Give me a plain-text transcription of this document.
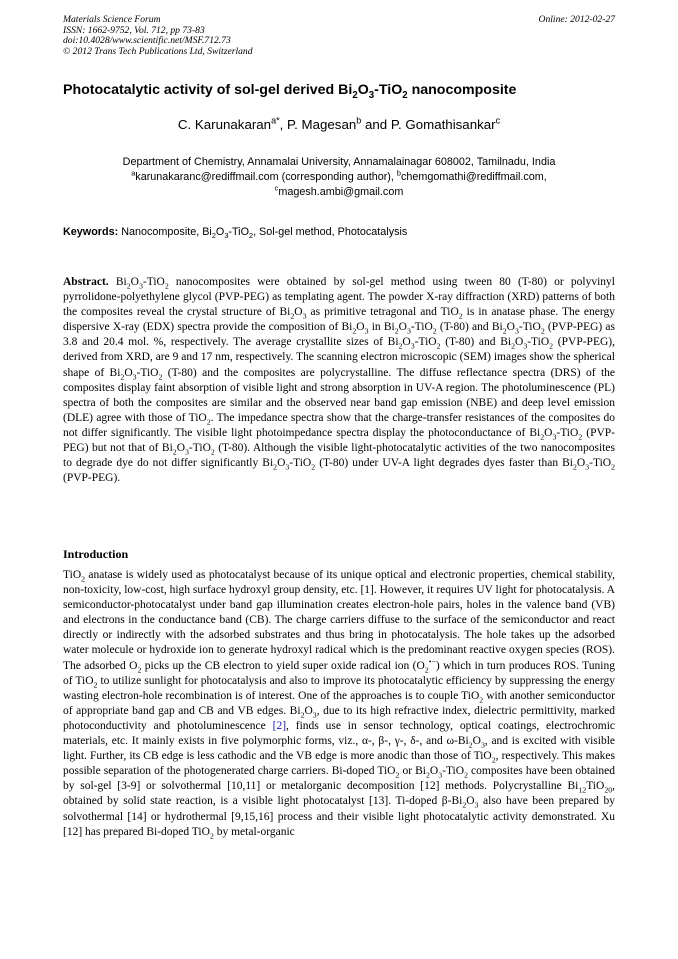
Materials Science Forum
ISSN: 1662-9752, Vol. 712, pp 73-83
doi:10.4028/www.scientific.net/MSF.712.73
© 2012 Trans Tech Publications Ltd, Switzerland
Online: 2012-02-27
Photocatalytic activity of sol-gel derived $Bi_2O_3-TiO_2$ nanocomposite
C. Karunakaran$^{a*}$, P. Magesan$^b$ and P. Gomathisankar$^c$
Department of Chemistry, Annamalai University, Annamalainagar 608002, Tamilnadu, India
$^a$karunakaranc@rediffmail.com (corresponding author), $^b$chemgomathi@rediffmail.com,
$^c$magesh.ambi@gmail.com
Keywords: Nanocomposite, $Bi_2O_3-TiO_2$, Sol-gel method, Photocatalysis
Abstract. $Bi_2O_3-TiO_2$ nanocomposites were obtained by sol-gel method using tween 80 (T-80) or polyvinyl pyrrolidone-polyethylene glycol (PVP-PEG) as templating agent. The powder X-ray diffraction (XRD) patterns of both the composites reveal the crystal structure of $Bi_2O_3$ as primitive tetragonal and TiO$_2$ is in anatase phase. The energy dispersive X-ray (EDX) spectra provide the composition of $Bi_2O_3$ in $Bi_2O_3-TiO_2$ (T-80) and $Bi_2O_3-TiO_2$ (PVP-PEG) as 3.8 and 20.4 mol. %, respectively. The average crystallite sizes of $Bi_2O_3-TiO_2$ (T-80) and $Bi_2O_3-TiO_2$ (PVP-PEG), derived from XRD, are 9 and 17 nm, respectively. The scanning electron microscopic (SEM) images show the spherical shape of $Bi_2O_3-TiO_2$ (T-80) and the composites are polycrystalline. The diffuse reflectance spectra (DRS) of the composites display faint absorption of visible light and strong absorption in UV-A region. The photoluminescence (PL) spectra of both the composites are similar and the observed near band gap emission (NBE) and deep level emission (DLE) agree with those of TiO$_2$. The impedance spectra show that the charge-transfer resistances of the composites do not differ significantly. The visible light photoimpedance spectra display the photoconductance of $Bi_2O_3-TiO_2$ (PVP-PEG) but not that of $Bi_2O_3-TiO_2$ (T-80). Although the visible light-photocatalytic activities of the two nanocomposites to degrade dye do not differ significantly $Bi_2O_3-TiO_2$ (T-80) under UV-A light degrades dyes faster than $Bi_2O_3-TiO_2$ (PVP-PEG).
Introduction
TiO$_2$ anatase is widely used as photocatalyst because of its unique optical and electronic properties, chemical stability, non-toxicity, low-cost, high surface hydroxyl group density, etc. [1]. However, it requires UV light for photocatalysis. A semiconductor-photocatalyst under band gap illumination creates electron-hole pairs, holes in the valence band (VB) and electrons in the conductance band (CB). The charge carriers diffuse to the surface of the semiconductor and react directly or indirectly with the adsorbed substrates and thus bring in photocatalysis. The hole takes up the adsorbed water molecule or hydroxide ion to generate hydroxyl radical which is the predominant reactive oxygen species (ROS). The adsorbed $O_2$ picks up the CB electron to yield super oxide radical ion $(O_2^{•-})$ which in turn produces ROS. Tuning of TiO$_2$ to utilize sunlight for photocatalysis and also to improve its photocatalytic efficiency by suppressing the energy wasting electron-hole recombination is of interest. One of the approaches is to couple TiO$_2$ with another semiconductor of appropriate band gap and CB and VB edges. $Bi_2O_3$, due to its high refractive index, dielectric permittivity, marked photoconductivity and photoluminescence [2], finds use in sensor technology, optical coatings, electrochromic materials, etc. It mainly exists in five polymorphic forms, viz., α-, β-, γ-, δ-, and $\omega-Bi_2O_3$, and is excited with visible light. Further, its CB edge is less cathodic and the VB edge is more anodic than those of TiO$_2$, respectively. This makes possible separation of the photogenerated charge carriers. Bi-doped TiO$_2$ or $Bi_2O_3-TiO_2$ composites have been obtained by sol-gel [3-9] or solvothermal [10,11] or metalorganic decomposition [12] methods. Polycrystalline $Bi_{12}TiO_{20}$, obtained by solid state reaction, is a visible light photocatalyst [13]. Ti-doped $\beta-Bi_2O_3$ also have been prepared by solvothermal [14] or hydrothermal [9,15,16] process and their visible light photocatalytic activity demonstrated. Xu [12] has prepared Bi-doped TiO$_2$ by metal-organic
